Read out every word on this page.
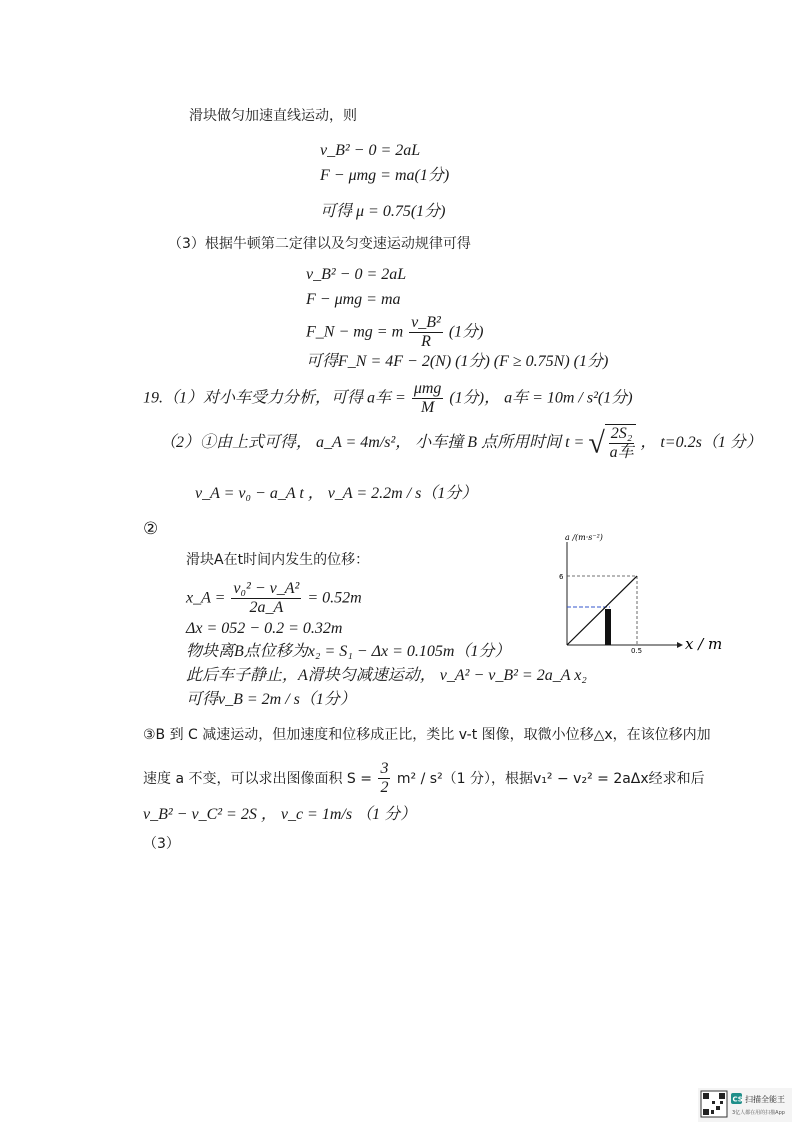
滑块做匀加速直线运动，则
v_B² − 0 = 2aL
F − μmg = ma(1分)
可得 μ = 0.75(1分)
（3）根据牛顿第二定律以及匀变速运动规律可得
v_B² − 0 = 2aL
F − μmg = ma
F_N − mg = m $\frac{\text{v\_B²}}{R} (1$分)
可得F_N = 4F − 2(N) (1分) (F ≥ 0.75N) (1分)
19.（1）对小车受力分析，可得 a车 = $\frac{\text{μmg}}{M} (1$分)， a车 = 10m / s²(1分)
（2）①由上式可得， a_A = 4m/s²， 小车撞 B 点所用时间 t = √ $\frac{\text{2S₂}}{\text{a车}}$ ， t=0.2s（1 分）
v_A = v₀ − a_A t ， v_A = 2.2m / s（1分）
②
滑块A在t时间内发生的位移：
x_A = $\frac{\text{v₀² − v\_A²}}{2a\_A} = 0.52m$
Δx = 052 − 0.2 = 0.32m
物块离B点位移为x₂ = S₁ − Δx = 0.105m（1分）
此后车子静止，A滑块匀减速运动， v_A² − v_B² = 2a_A x₂
可得v_B = 2m / s（1分）
a /(m·s⁻²)
x / m
6
0.5
③B 到 C 减速运动，但加速度和位移成正比，类比 v-t 图像，取微小位移△x，在该位移内加
速度 a 不变，可以求出图像面积 $S = \frac{3}{2} m^2 / s^2(1$ 分），根据v₁² − v₂² = 2aΔx经求和后
v_B² − v_C² = 2S ， v_c = 1m/s （1 分）
（3）
CS 扫描全能王
3亿人都在用的扫描App
